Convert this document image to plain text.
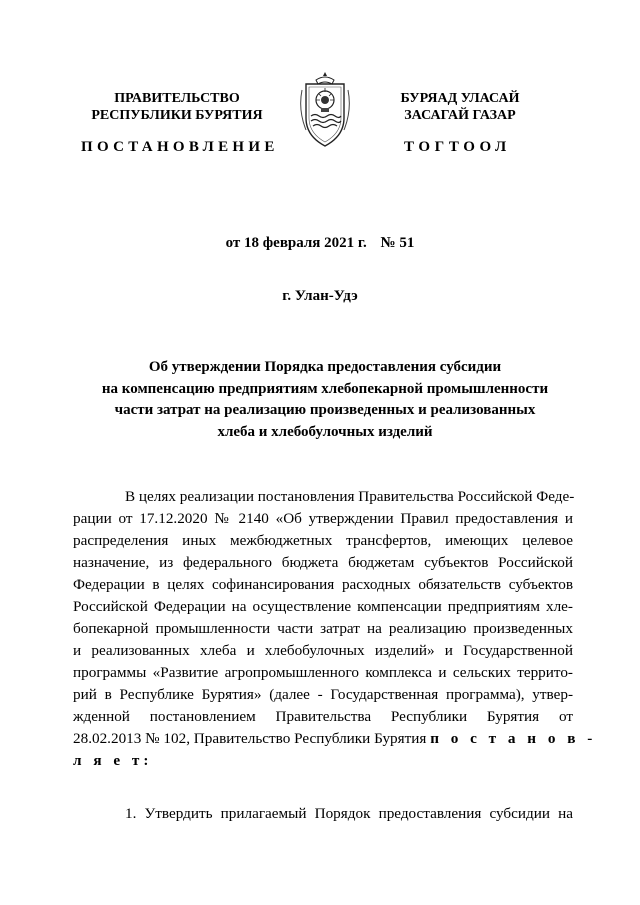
ПРАВИТЕЛЬСТВО
РЕСПУБЛИКИ БУРЯТИЯ
БУРЯАД УЛАСАЙ
ЗАСАГАЙ ГАЗАР
ПОСТАНОВЛЕНИЕ	ТОГТООЛ
от 18 февраля 2021 г. № 51
г. Улан-Удэ
Об утверждении Порядка предоставления субсидии
на компенсацию предприятиям хлебопекарной промышленности
части затрат на реализацию произведенных и реализованных
хлеба и хлебобулочных изделий
В целях реализации постановления Правительства Российской Феде-
рации от 17.12.2020 № 2140 «Об утверждении Правил предоставления и
распределения иных межбюджетных трансфертов, имеющих целевое
назначение, из федерального бюджета бюджетам субъектов Российской
Федерации в целях софинансирования расходных обязательств субъектов
Российской Федерации на осуществление компенсации предприятиям хле-
бопекарной промышленности части затрат на реализацию произведенных
и реализованных хлеба и хлебобулочных изделий» и Государственной
программы «Развитие агропромышленного комплекса и сельских террито-
рий в Республике Бурятия» (далее - Государственная программа), утвер-
жденной постановлением Правительства Республики Бурятия от
28.02.2013 № 102, Правительство Республики Бурятия п о с т а н о в -
л я е т:
1. Утвердить прилагаемый Порядок предоставления субсидии на
